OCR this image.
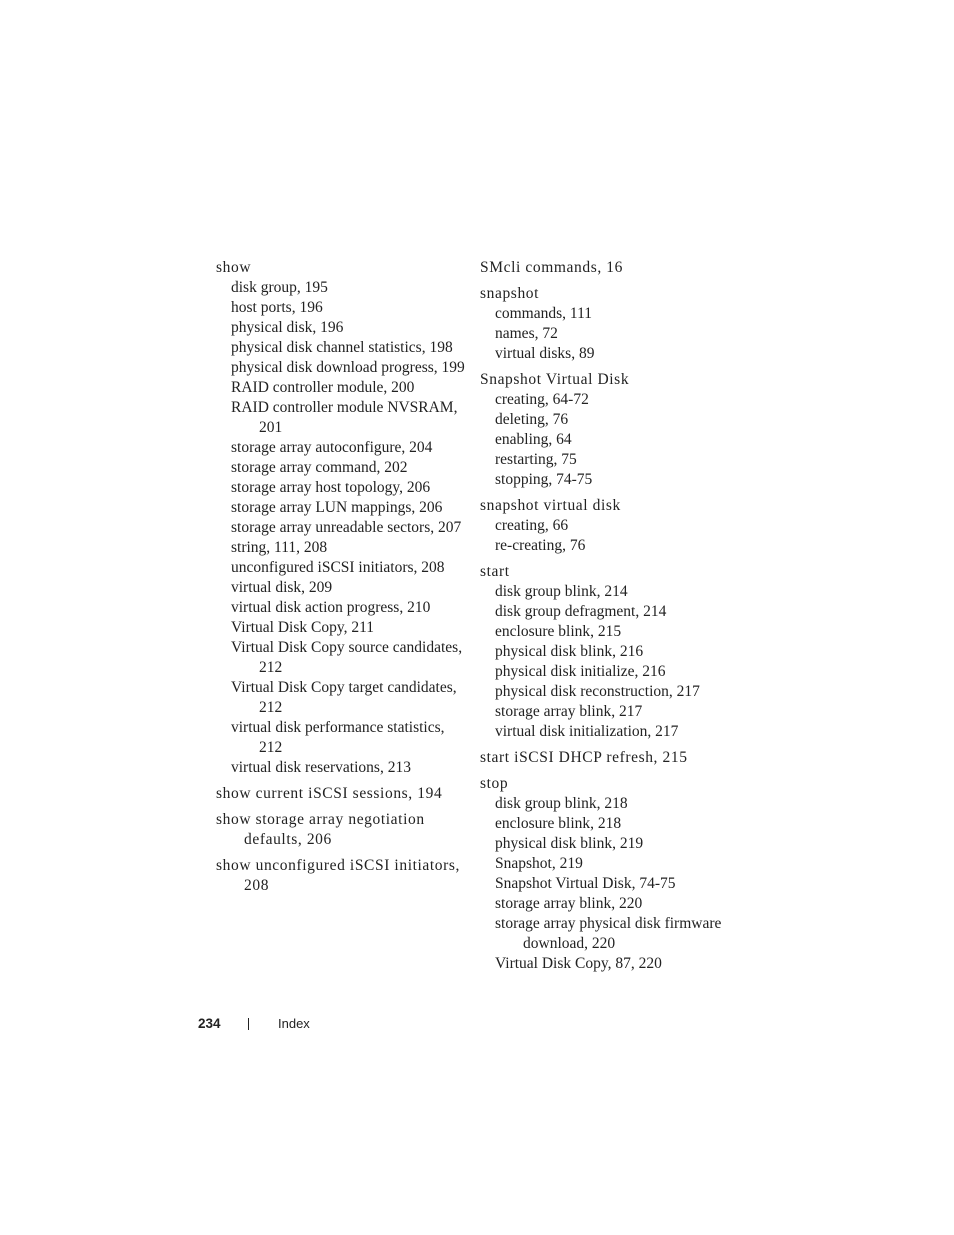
show
disk group, 195
host ports, 196
physical disk, 196
physical disk channel statistics, 198
physical disk download progress, 199
RAID controller module, 200
RAID controller module NVSRAM, 201
storage array autoconfigure, 204
storage array command, 202
storage array host topology, 206
storage array LUN mappings, 206
storage array unreadable sectors, 207
string, 111, 208
unconfigured iSCSI initiators, 208
virtual disk, 209
virtual disk action progress, 210
Virtual Disk Copy, 211
Virtual Disk Copy source candidates, 212
Virtual Disk Copy target candidates, 212
virtual disk performance statistics, 212
virtual disk reservations, 213
show current iSCSI sessions, 194
show storage array negotiation defaults, 206
show unconfigured iSCSI initiators, 208
SMcli commands, 16
snapshot
commands, 111
names, 72
virtual disks, 89
Snapshot Virtual Disk
creating, 64-72
deleting, 76
enabling, 64
restarting, 75
stopping, 74-75
snapshot virtual disk
creating, 66
re-creating, 76
start
disk group blink, 214
disk group defragment, 214
enclosure blink, 215
physical disk blink, 216
physical disk initialize, 216
physical disk reconstruction, 217
storage array blink, 217
virtual disk initialization, 217
start iSCSI DHCP refresh, 215
stop
disk group blink, 218
enclosure blink, 218
physical disk blink, 219
Snapshot, 219
Snapshot Virtual Disk, 74-75
storage array blink, 220
storage array physical disk firmware download, 220
Virtual Disk Copy, 87, 220
234	Index
